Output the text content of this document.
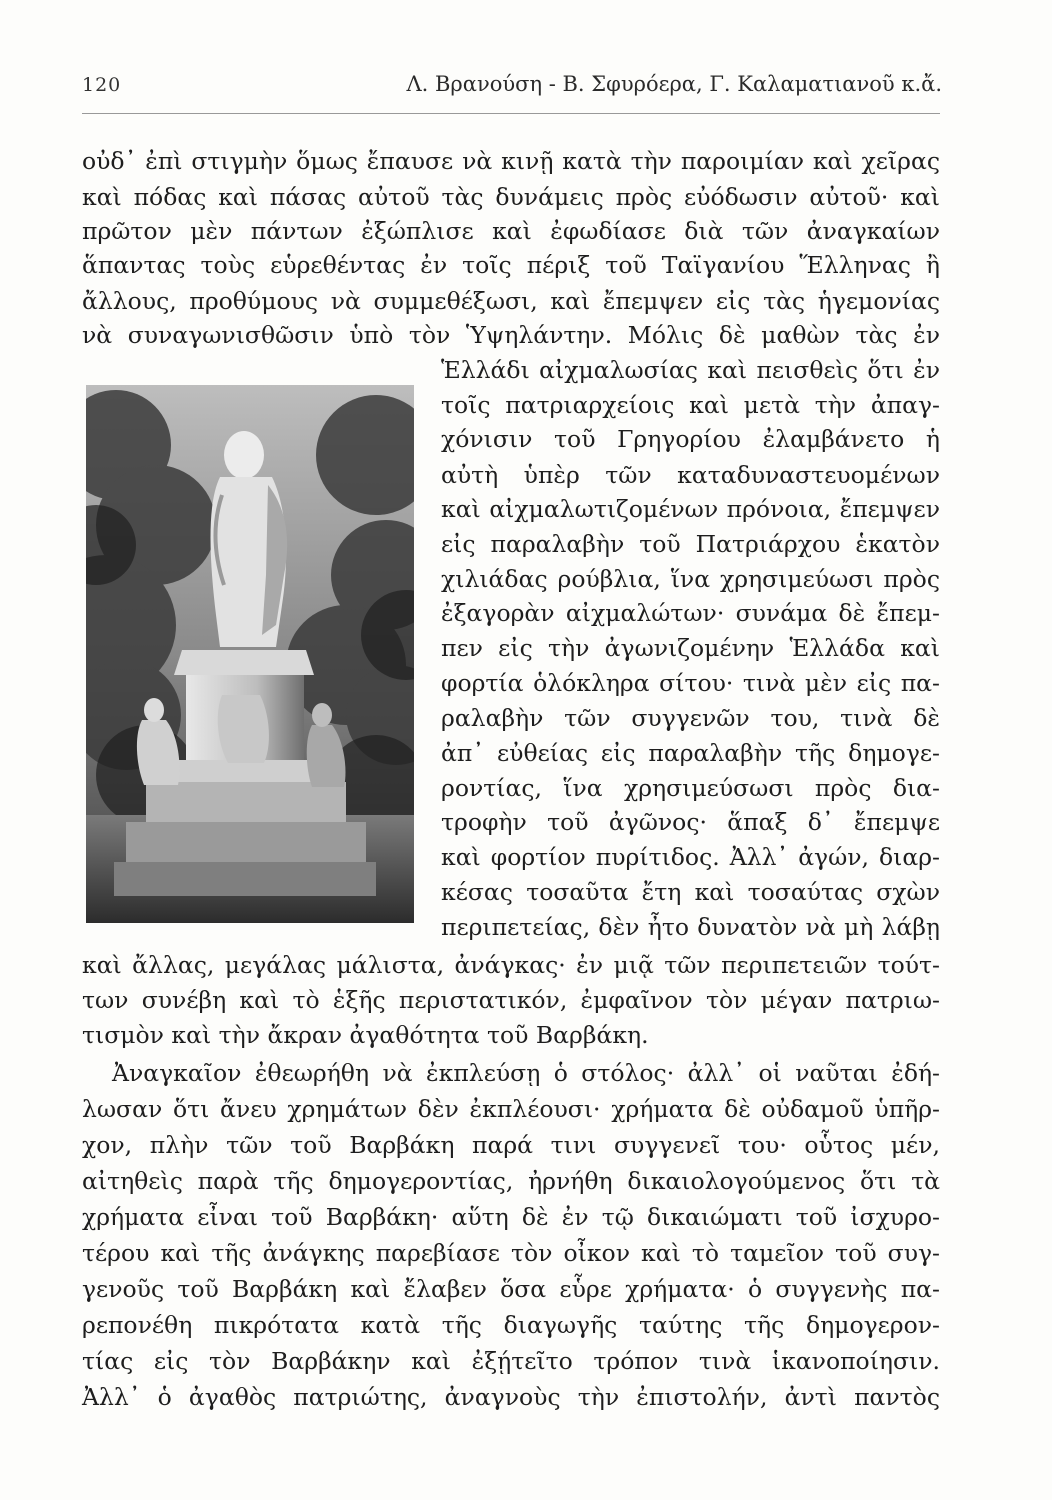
120	Λ. Βρανούση - Β. Σφυρόερα, Γ. Καλαματιανοῦ κ.ἄ.
οὐδ᾽ ἐπὶ στιγμὴν ὅμως ἔπαυσε νὰ κινῇ κατὰ τὴν παροιμίαν καὶ χεῖρας
καὶ πόδας καὶ πάσας αὐτοῦ τὰς δυνάμεις πρὸς εὐόδωσιν αὐτοῦ· καὶ
πρῶτον μὲν πάντων ἐξώπλισε καὶ ἐφωδίασε διὰ τῶν ἀναγκαίων
ἅπαντας τοὺς εὑρεθέντας ἐν τοῖς πέριξ τοῦ Ταϊγανίου Ἕλληνας ἢ
ἄλλους, προθύμους νὰ συμμεθέξωσι, καὶ ἔπεμψεν εἰς τὰς ἡγεμονίας
νὰ συναγωνισθῶσιν ὑπὸ τὸν Ὑψηλάντην. Μόλις δὲ μαθὼν τὰς ἐν
Ἑλλάδι αἰχμαλωσίας καὶ πεισθεὶς ὅτι ἐν
τοῖς πατριαρχείοις καὶ μετὰ τὴν ἀπαγ-
χόνισιν τοῦ Γρηγορίου ἐλαμβάνετο ἡ
αὐτὴ ὑπὲρ τῶν καταδυναστευομένων
καὶ αἰχμαλωτιζομένων πρόνοια, ἔπεμψεν
εἰς παραλαβὴν τοῦ Πατριάρχου ἑκατὸν
χιλιάδας ρούβλια, ἵνα χρησιμεύωσι πρὸς
ἐξαγορὰν αἰχμαλώτων· συνάμα δὲ ἔπεμ-
πεν εἰς τὴν ἀγωνιζομένην Ἑλλάδα καὶ
φορτία ὁλόκληρα σίτου· τινὰ μὲν εἰς πα-
ραλαβὴν τῶν συγγενῶν του, τινὰ δὲ
ἀπ᾽ εὐθείας εἰς παραλαβὴν τῆς δημογε-
ροντίας, ἵνα χρησιμεύσωσι πρὸς δια-
τροφὴν τοῦ ἀγῶνος· ἅπαξ δ᾽ ἔπεμψε
καὶ φορτίον πυρίτιδος. Ἀλλ᾽ ἀγών, διαρ-
κέσας τοσαῦτα ἔτη καὶ τοσαύτας σχὼν
περιπετείας, δὲν ἦτο δυνατὸν νὰ μὴ λάβῃ
καὶ ἄλλας, μεγάλας μάλιστα, ἀνάγκας· ἐν μιᾷ τῶν περιπετειῶν τούτ-
των συνέβη καὶ τὸ ἑξῆς περιστατικόν, ἐμφαῖνον τὸν μέγαν πατριω-
τισμὸν καὶ τὴν ἄκραν ἀγαθότητα τοῦ Βαρβάκη.
Ἀναγκαῖον ἐθεωρήθη νὰ ἐκπλεύσῃ ὁ στόλος· ἀλλ᾽ οἱ ναῦται ἐδή-
λωσαν ὅτι ἄνευ χρημάτων δὲν ἐκπλέουσι· χρήματα δὲ οὐδαμοῦ ὑπῆρ-
χον, πλὴν τῶν τοῦ Βαρβάκη παρά τινι συγγενεῖ του· οὗτος μέν,
αἰτηθεὶς παρὰ τῆς δημογεροντίας, ἠρνήθη δικαιολογούμενος ὅτι τὰ
χρήματα εἶναι τοῦ Βαρβάκη· αὕτη δὲ ἐν τῷ δικαιώματι τοῦ ἰσχυρο-
τέρου καὶ τῆς ἀνάγκης παρεβίασε τὸν οἶκον καὶ τὸ ταμεῖον τοῦ συγ-
γενοῦς τοῦ Βαρβάκη καὶ ἔλαβεν ὅσα εὗρε χρήματα· ὁ συγγενὴς πα-
ρεπονέθη πικρότατα κατὰ τῆς διαγωγῆς ταύτης τῆς δημογερον-
τίας εἰς τὸν Βαρβάκην καὶ ἐξῄτεῖτο τρόπον τινὰ ἱκανοποίησιν.
Ἀλλ᾽ ὁ ἀγαθὸς πατριώτης, ἀναγνοὺς τὴν ἐπιστολήν, ἀντὶ παντὸς
